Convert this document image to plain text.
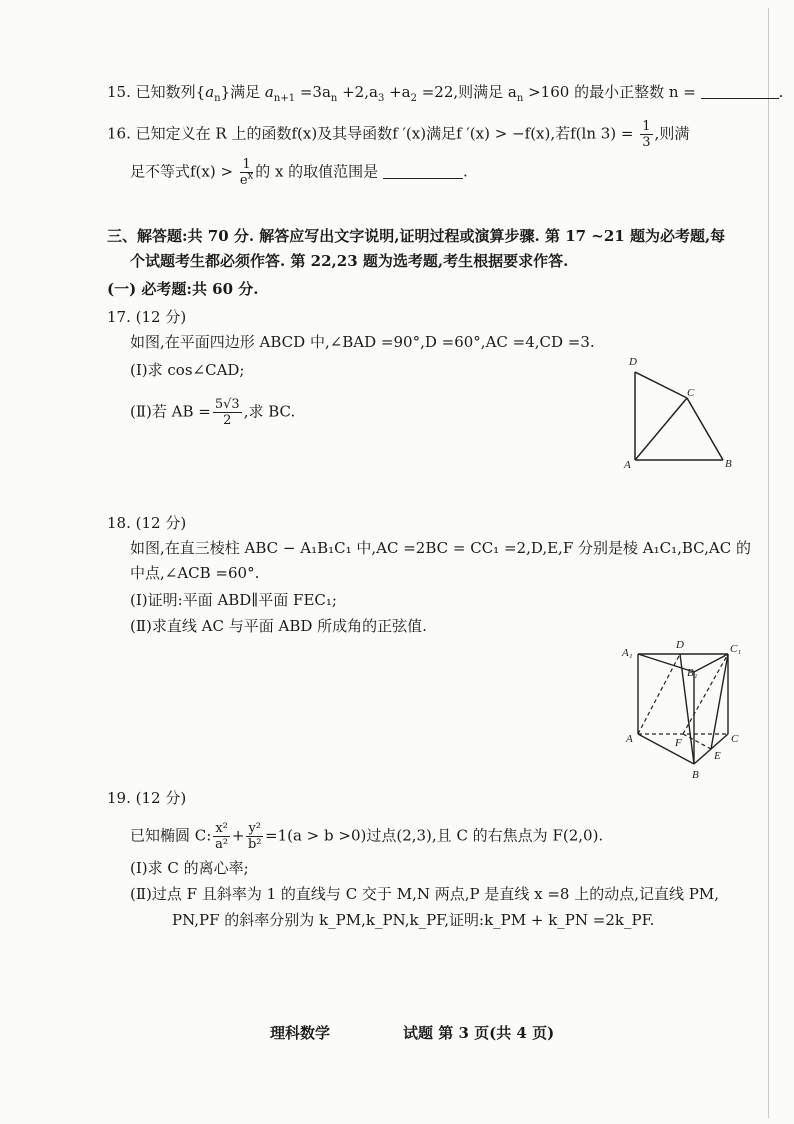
15. 已知数列$\{a_n\}$满足 $a_{n+1} =3a_n +2,a_3 +a_2 =22$,则满足 $a_n >160$ 的最小正整数 n =	.
16. 已知定义在 R 上的函数f(x)及其导函数f ′(x)满足f ′(x) > −f(x),若f(ln $3) = \frac{1}{3}$ ,则满
足不等式$f(x) > \frac{1}{e^x}$ 的 x 的取值范围是	.
三、解答题:共 70 分. 解答应写出文字说明,证明过程或演算步骤. 第 17 ~21 题为必考题,每
个试题考生都必须作答. 第 22,23 题为选考题,考生根据要求作答.
(一) 必考题:共 60 分.
17. (12 分)
如图,在平面四边形 ABCD 中,∠BAD =90°,D =60°,AC =4,CD =3.
(Ⅰ)求 cos∠CAD;
(Ⅱ)若 AB = $\frac{5√3}{2}$ ,求 BC.
D
C
A	B
18. (12 分)
如图,在直三棱柱 ABC − A₁B₁C₁ 中,AC =2BC = CC₁ =2,D,E,F 分别是棱 A₁C₁,BC,AC 的
中点,∠ACB =60°.
(Ⅰ)证明:平面 ABD∥平面 FEC₁;
(Ⅱ)求直线 AC 与平面 ABD 所成角的正弦值.
A₁
D	C₁
B₁
A	F	C
E
B
19. (12 分)
已知椭圆 C: $\frac{\text{x²}}{\text{a²}} + \frac{\text{y²}}{\text{b²}} =1(a > b >0)$过点(2,3),且 C 的右焦点为 F(2,0).
(Ⅰ)求 C 的离心率;
(Ⅱ)过点 F 且斜率为 1 的直线与 C 交于 M,N 两点,P 是直线 x =8 上的动点,记直线 PM,
PN,PF 的斜率分别为 k_PM,k_PN,k_PF,证明:k_PM + k_PN =2k_PF.
理科数学	试题 第 3 页(共 4 页)
